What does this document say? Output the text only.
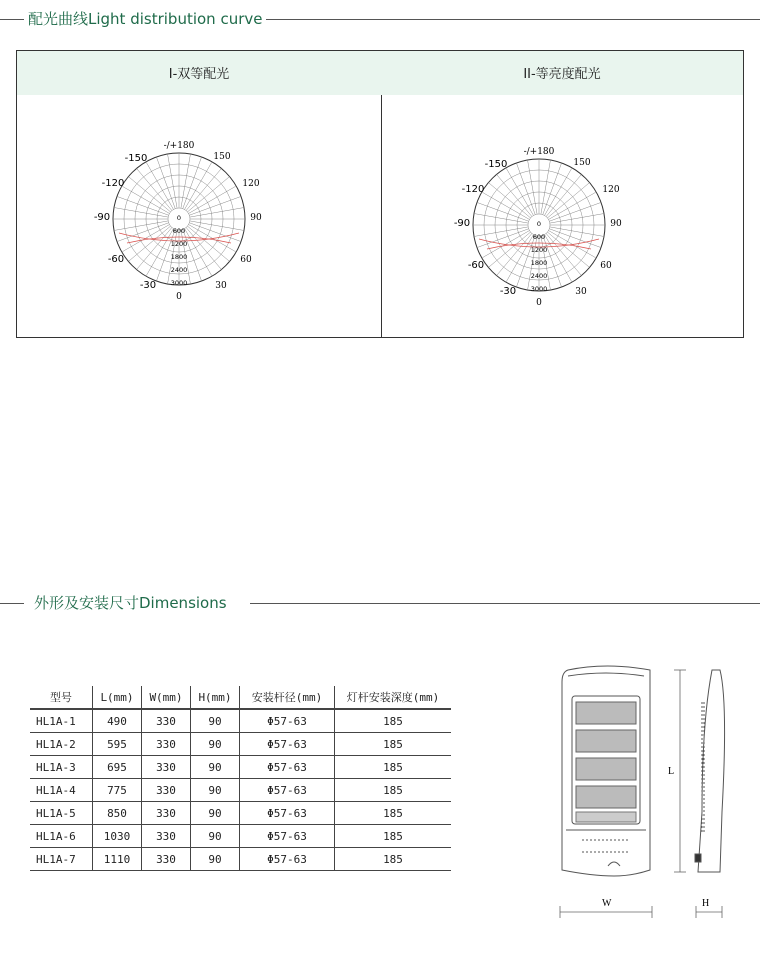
配光曲线Light distribution curve
I-双等配光
-/+180
-150	150
-120	120
-90	90
-60	60
-30	30
0
0
600
1200
1800
2400
3000
II-等亮度配光
-/+180
-150	150
-120	120
-90	90
-60	60
-30	30
0
0
600
1200
1800
2400
3000
外形及安装尺寸Dimensions
型号	L(mm)	W(mm)	H(mm)	安装杆径(mm)	灯杆安装深度(mm)
HL1A-1	490	330	90	Φ57-63	185
HL1A-2	595	330	90	Φ57-63	185
HL1A-3	695	330	90	Φ57-63	185
HL1A-4	775	330	90	Φ57-63	185
HL1A-5	850	330	90	Φ57-63	185
HL1A-6	1030	330	90	Φ57-63	185
HL1A-7	1110	330	90	Φ57-63	185
L
W	H
